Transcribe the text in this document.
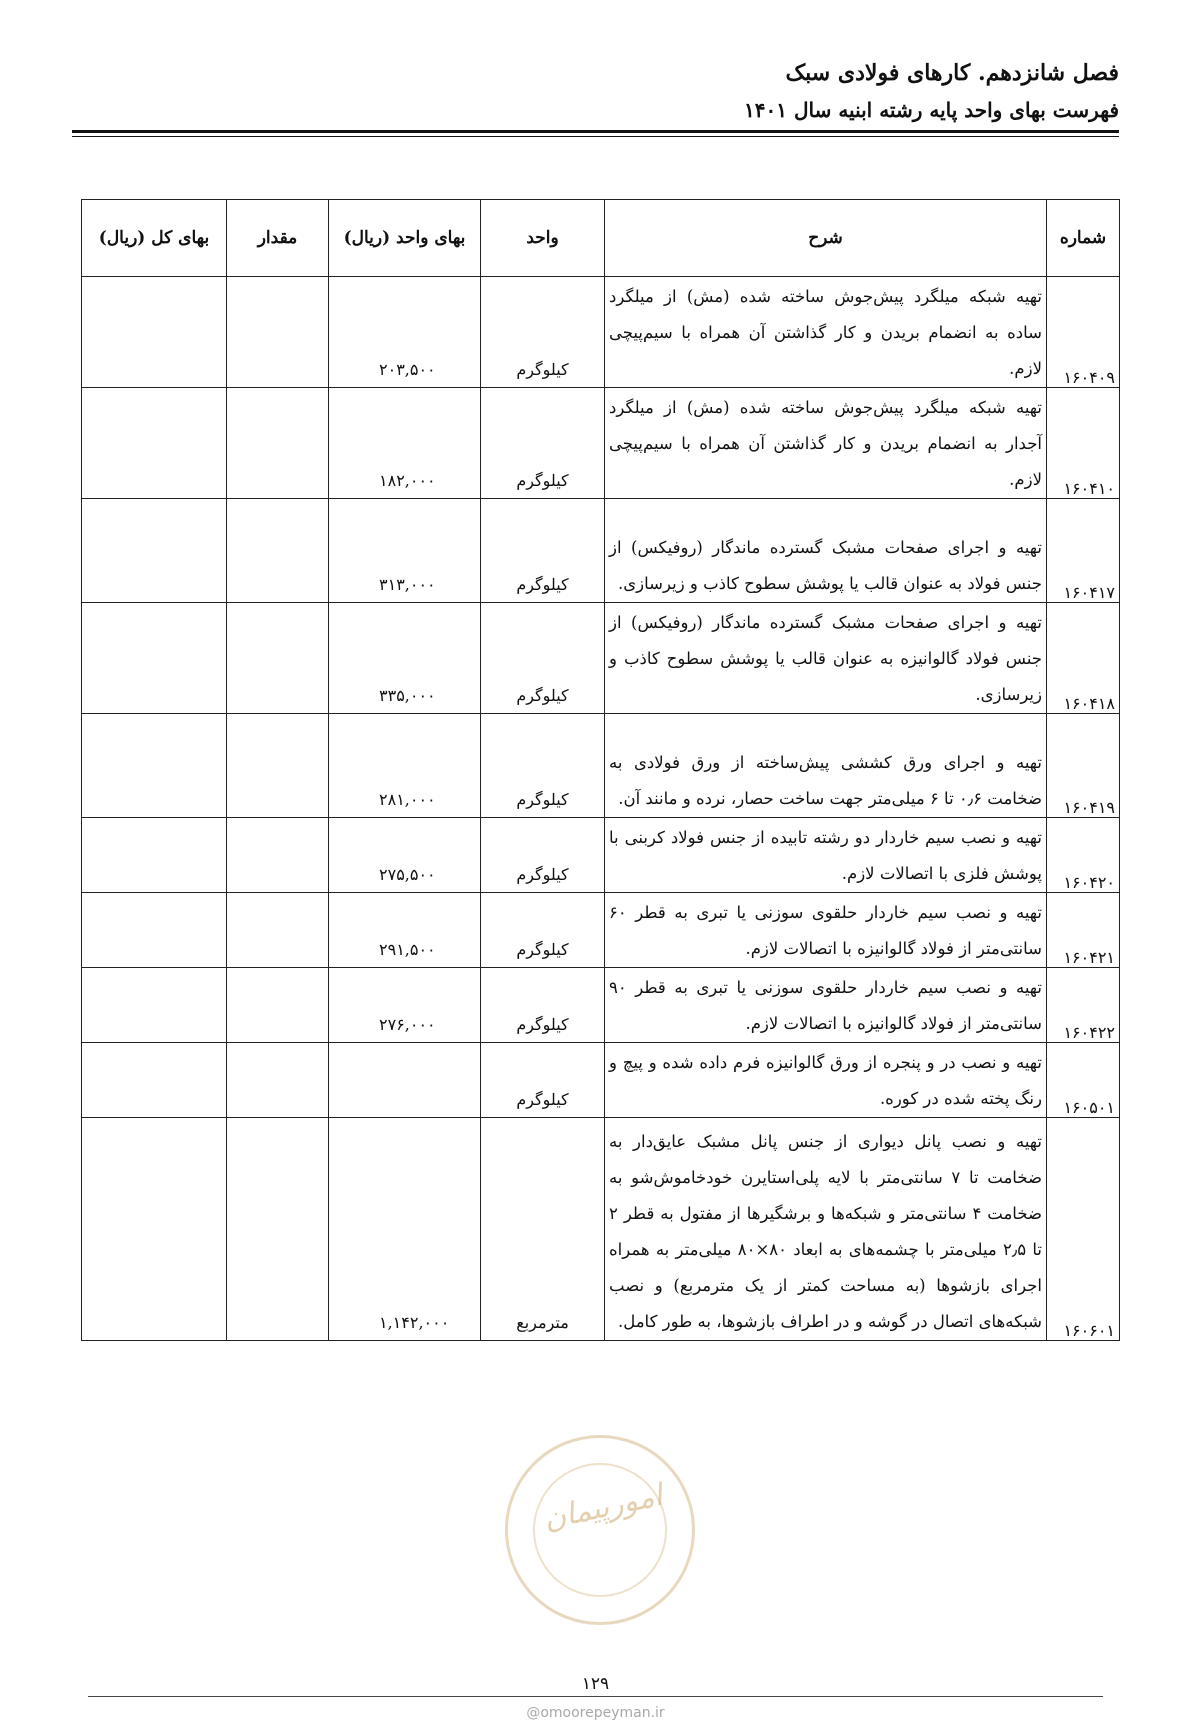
فصل شانزدهم. کارهای فولادی سبک
فهرست بهای واحد پایه رشته ابنیه سال ۱۴۰۱
شماره	شرح	واحد	بهای واحد (ریال)	مقدار	بهای کل (ریال)
۱۶۰۴۰۹	تهیه شبکه میلگرد پیش‌جوش ساخته شده (مش) از میلگرد ساده به انضمام بریدن و کار گذاشتن آن همراه با سیم‌پیچی لازم.	کیلوگرم	۲۰۳,۵۰۰		
۱۶۰۴۱۰	تهیه شبکه میلگرد پیش‌جوش ساخته شده (مش) از میلگرد آجدار به انضمام بریدن و کار گذاشتن آن همراه با سیم‌پیچی لازم.	کیلوگرم	۱۸۲,۰۰۰		
۱۶۰۴۱۷	تهیه و اجرای صفحات مشبک گسترده ماندگار (روفیکس) از جنس فولاد به عنوان قالب یا پوشش سطوح کاذب و زیرسازی.	کیلوگرم	۳۱۳,۰۰۰		
۱۶۰۴۱۸	تهیه و اجرای صفحات مشبک گسترده ماندگار (روفیکس) از جنس فولاد گالوانیزه به عنوان قالب یا پوشش سطوح کاذب و زیرسازی.	کیلوگرم	۳۳۵,۰۰۰		
۱۶۰۴۱۹	تهیه و اجرای ورق کششی پیش‌ساخته از ورق فولادی به ضخامت ۰٫۶ تا ۶ میلی‌متر جهت ساخت حصار، نرده و مانند آن.	کیلوگرم	۲۸۱,۰۰۰		
۱۶۰۴۲۰	تهیه و نصب سیم خاردار دو رشته تابیده از جنس فولاد کربنی با پوشش فلزی با اتصالات لازم.	کیلوگرم	۲۷۵,۵۰۰		
۱۶۰۴۲۱	تهیه و نصب سیم خاردار حلقوی سوزنی یا تبری به قطر ۶۰ سانتی‌متر از فولاد گالوانیزه با اتصالات لازم.	کیلوگرم	۲۹۱,۵۰۰		
۱۶۰۴۲۲	تهیه و نصب سیم خاردار حلقوی سوزنی یا تبری به قطر ۹۰ سانتی‌متر از فولاد گالوانیزه با اتصالات لازم.	کیلوگرم	۲۷۶,۰۰۰		
۱۶۰۵۰۱	تهیه و نصب در و پنجره از ورق گالوانیزه فرم داده شده و پیچ و رنگ پخته شده در کوره.	کیلوگرم			
۱۶۰۶۰۱	تهیه و نصب پانل دیواری از جنس پانل مشبک عایق‌دار به ضخامت تا ۷ سانتی‌متر با لایه پلی‌استایرن خودخاموش‌شو به ضخامت ۴ سانتی‌متر و شبکه‌ها و برشگیرها از مفتول به قطر ۲ تا ۲٫۵ میلی‌متر با چشمه‌های به ابعاد ۸۰×۸۰ میلی‌متر به همراه اجرای بازشوها (به مساحت کمتر از یک مترمربع) و نصب شبکه‌های اتصال در گوشه و در اطراف بازشوها، به طور کامل.	مترمربع	۱,۱۴۲,۰۰۰		
امورپیمان
۱۲۹
@omoorepeyman.ir
